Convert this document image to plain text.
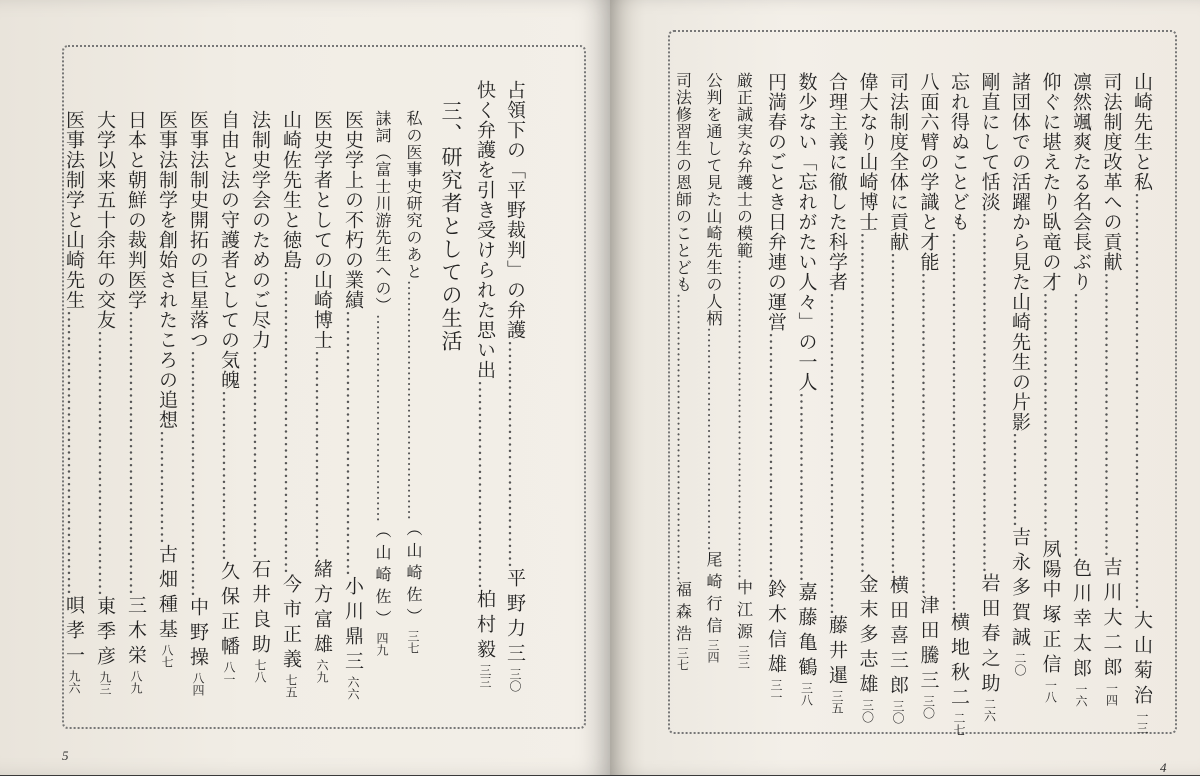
占領下の「平野裁判」の弁護………………………………平野力三三〇
快く弁護を引き受けられた思い出……………………………柏村毅三三
三、研究者としての生活
私の医事史研究のあと………………………………………（山崎佐）三七
誄詞（富士川游先生への）…………………………………（山崎佐）四九
医史学上の不朽の業績……………………………………小川鼎三六六
医史学者としての山崎博士……………………………緒方富雄六九
山崎佐先生と徳島…………………………………………今市正義七五
法制史学会のためのご尽力……………………………石井良助七八
自由と法の守護者としての気魄………………………久保正幡八一
医事法制史開拓の巨星落つ…………………………………中野操八四
医事法制学を創始されたころの追想………………古畑種基八七
日本と朝鮮の裁判医学………………………………………三木栄八九
大学以来五十余年の交友……………………………………東季彦九三
医事法制学と山崎先生………………………………………唄孝一九六
5
山崎先生と私…………………………………………………………大山菊治一三
司法制度改革への貢献………………………………………吉川大二郎一四
凛然颯爽たる名会長ぶり……………………………………色川幸太郎一六
仰ぐに堪えたり臥竜の才…………………………………夙陽中塚正信一八
諸団体での活躍から見た山崎先生の片影……………吉永多賀誠二〇
剛直にして恬淡…………………………………………………岩田春之助二六
忘れ得ぬことども……………………………………………………横地秋二二七
八面六臂の学識と才能……………………………………………津田騰三三〇
司法制度全体に貢献……………………………………………横田喜三郎三〇
偉大なり山崎博士………………………………………………金末多志雄三〇
合理主義に徹した科学者……………………………………………藤井暹三五
数少ない「忘れがたい人々」の一人…………………………嘉藤亀鶴三八
円満春のごとき日弁連の運営…………………………………鈴木信雄三一
厳正誠実な弁護士の模範……………………………………………………中江源三三
公判を通して見た山崎先生の人柄……………………………………尾崎行信三四
司法修習生の恩師のことども………………………………………………福森浩三七
4
